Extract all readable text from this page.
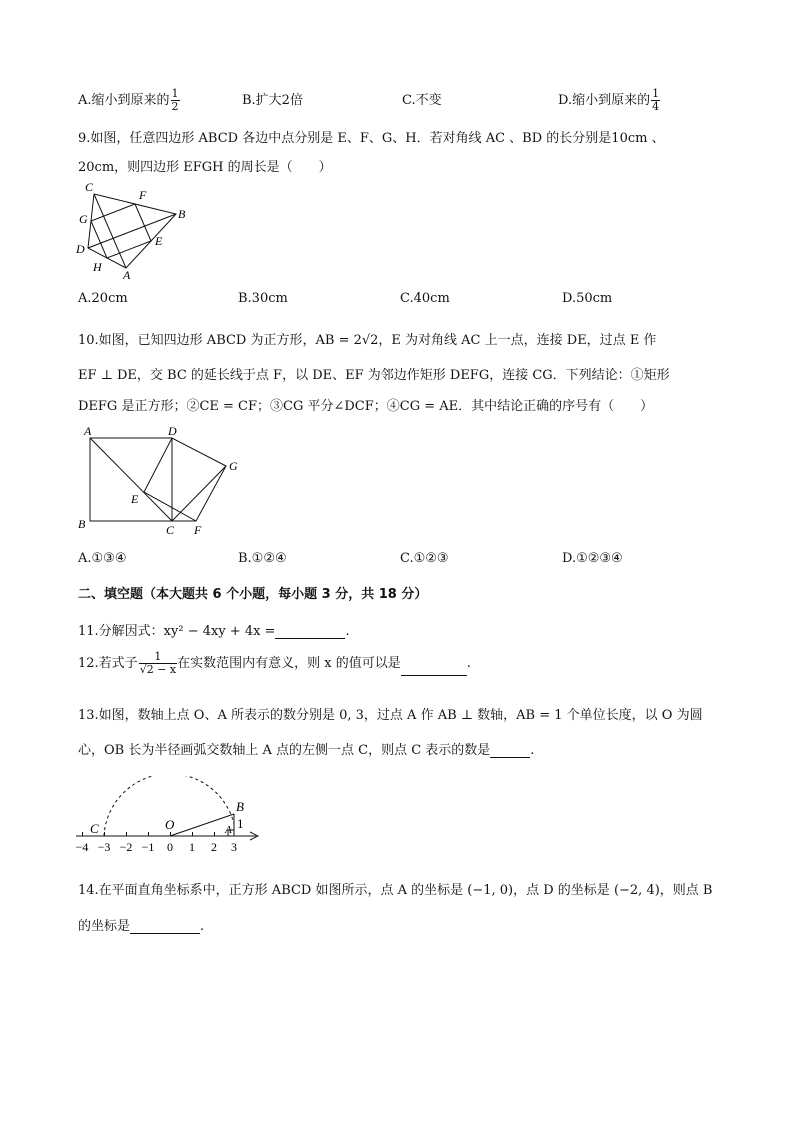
A.缩小到原来的 $\frac{1}{2}$	B.扩大2倍	C.不变	D.缩小到原来的 $\frac{1}{4}$
9.如图，任意四边形 ABCD 各边中点分别是 E、F、G、H．若对角线 AC 、BD 的长分别是10cm 、
20cm，则四边形 EFGH 的周长是（　　）
C
F
B
G
E
D
H
A
A.20cm	B.30cm	C.40cm	D.50cm
10.如图，已知四边形 ABCD 为正方形，AB = 2√2，E 为对角线 AC 上一点，连接 DE，过点 E 作
EF ⊥ DE，交 BC 的延长线于点 F，以 DE、EF 为邻边作矩形 DEFG，连接 CG．下列结论：①矩形
DEFG 是正方形；②CE = CF；③CG 平分∠DCF；④CG = AE．其中结论正确的序号有（　　）
A	D
G
E
B	C F
A.①③④	B.①②④	C.①②③	D.①②③④
二、填空题（本大题共 6 个小题，每小题 3 分，共 18 分）
11.分解因式：xy² − 4xy + 4x =	.
12.若式子 $\frac{1}{√2 - x}$ 在实数范围内有意义，则 x 的值可以是	.
13.如图，数轴上点 O、A 所表示的数分别是 0, 3，过点 A 作 AB ⊥ 数轴，AB = 1 个单位长度，以 O 为圆
心，OB 长为半径画弧交数轴上 A 点的左侧一点 C，则点 C 表示的数是	.
−4 −3 −2 −1 0 1 2 3
C	O	A
B
1
14.在平面直角坐标系中，正方形 ABCD 如图所示，点 A 的坐标是 (−1, 0)，点 D 的坐标是 (−2, 4)，则点 B
的坐标是	.
